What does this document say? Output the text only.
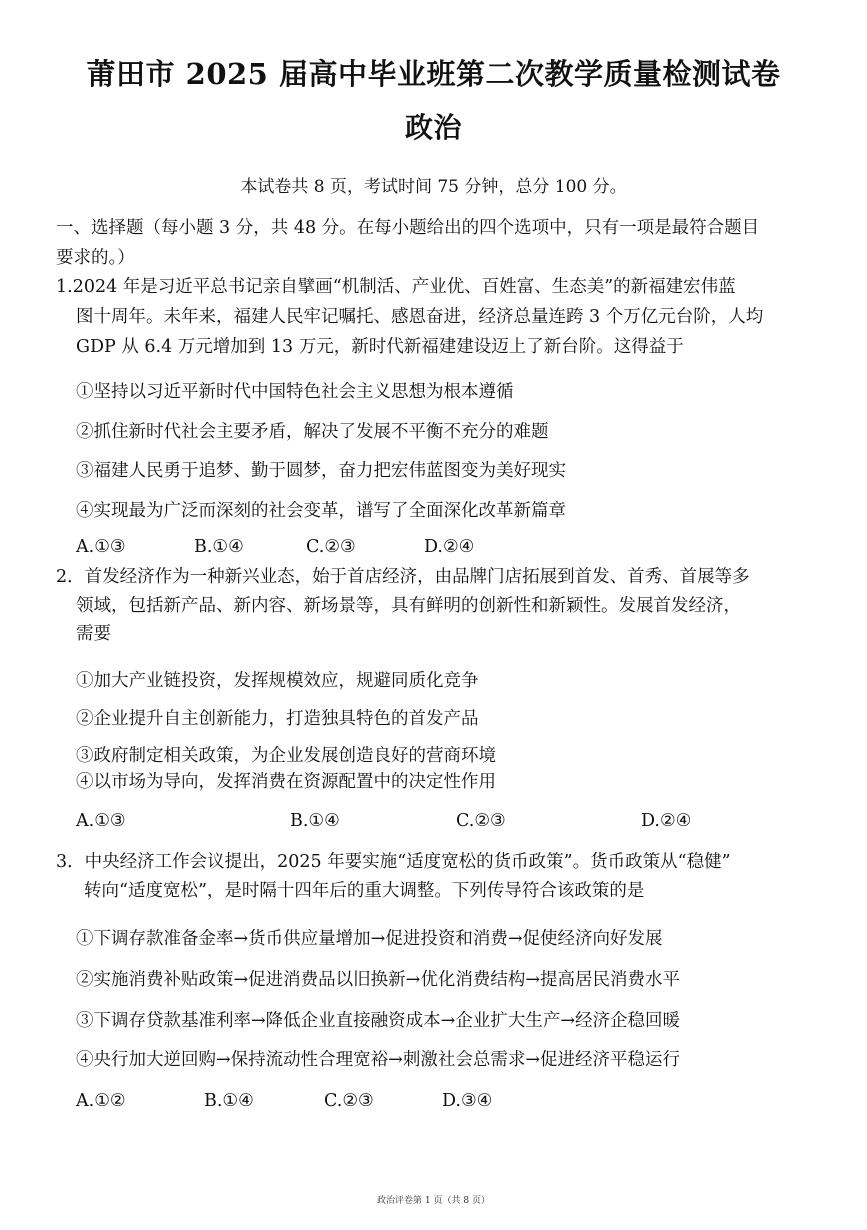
莆田市 2025 届高中毕业班第二次教学质量检测试卷
政治
本试卷共 8 页，考试时间 75 分钟，总分 100 分。
一、选择题（每小题 3 分，共 48 分。在每小题给出的四个选项中，只有一项是最符合题目
要求的。）
1.2024 年是习近平总书记亲自擘画“机制活、产业优、百姓富、生态美”的新福建宏伟蓝
图十周年。未年来，福建人民牢记嘱托、感恩奋进，经济总量连跨 3 个万亿元台阶，人均
GDP 从 6.4 万元增加到 13 万元，新时代新福建建设迈上了新台阶。这得益于
①坚持以习近平新时代中国特色社会主义思想为根本遵循
②抓住新时代社会主要矛盾，解决了发展不平衡不充分的难题
③福建人民勇于追梦、勤于圆梦，奋力把宏伟蓝图变为美好现实
④实现最为广泛而深刻的社会变革，谱写了全面深化改革新篇章
A.①③	B.①④	C.②③	D.②④
2．首发经济作为一种新兴业态，始于首店经济，由品牌门店拓展到首发、首秀、首展等多
领域，包括新产品、新内容、新场景等，具有鲜明的创新性和新颖性。发展首发经济，
需要
①加大产业链投资，发挥规模效应，规避同质化竞争
②企业提升自主创新能力，打造独具特色的首发产品
③政府制定相关政策，为企业发展创造良好的营商环境
④以市场为导向，发挥消费在资源配置中的决定性作用
A.①③	B.①④	C.②③	D.②④
3．中央经济工作会议提出，2025 年要实施“适度宽松的货币政策”。货币政策从“稳健”
转向“适度宽松”，是时隔十四年后的重大调整。下列传导符合该政策的是
①下调存款准备金率→货币供应量增加→促进投资和消费→促使经济向好发展
②实施消费补贴政策→促进消费品以旧换新→优化消费结构→提高居民消费水平
③下调存贷款基准利率→降低企业直接融资成本→企业扩大生产→经济企稳回暖
④央行加大逆回购→保持流动性合理宽裕→刺激社会总需求→促进经济平稳运行
A.①②	B.①④	C.②③	D.③④
政治评卷第 1 页（共 8 页）
